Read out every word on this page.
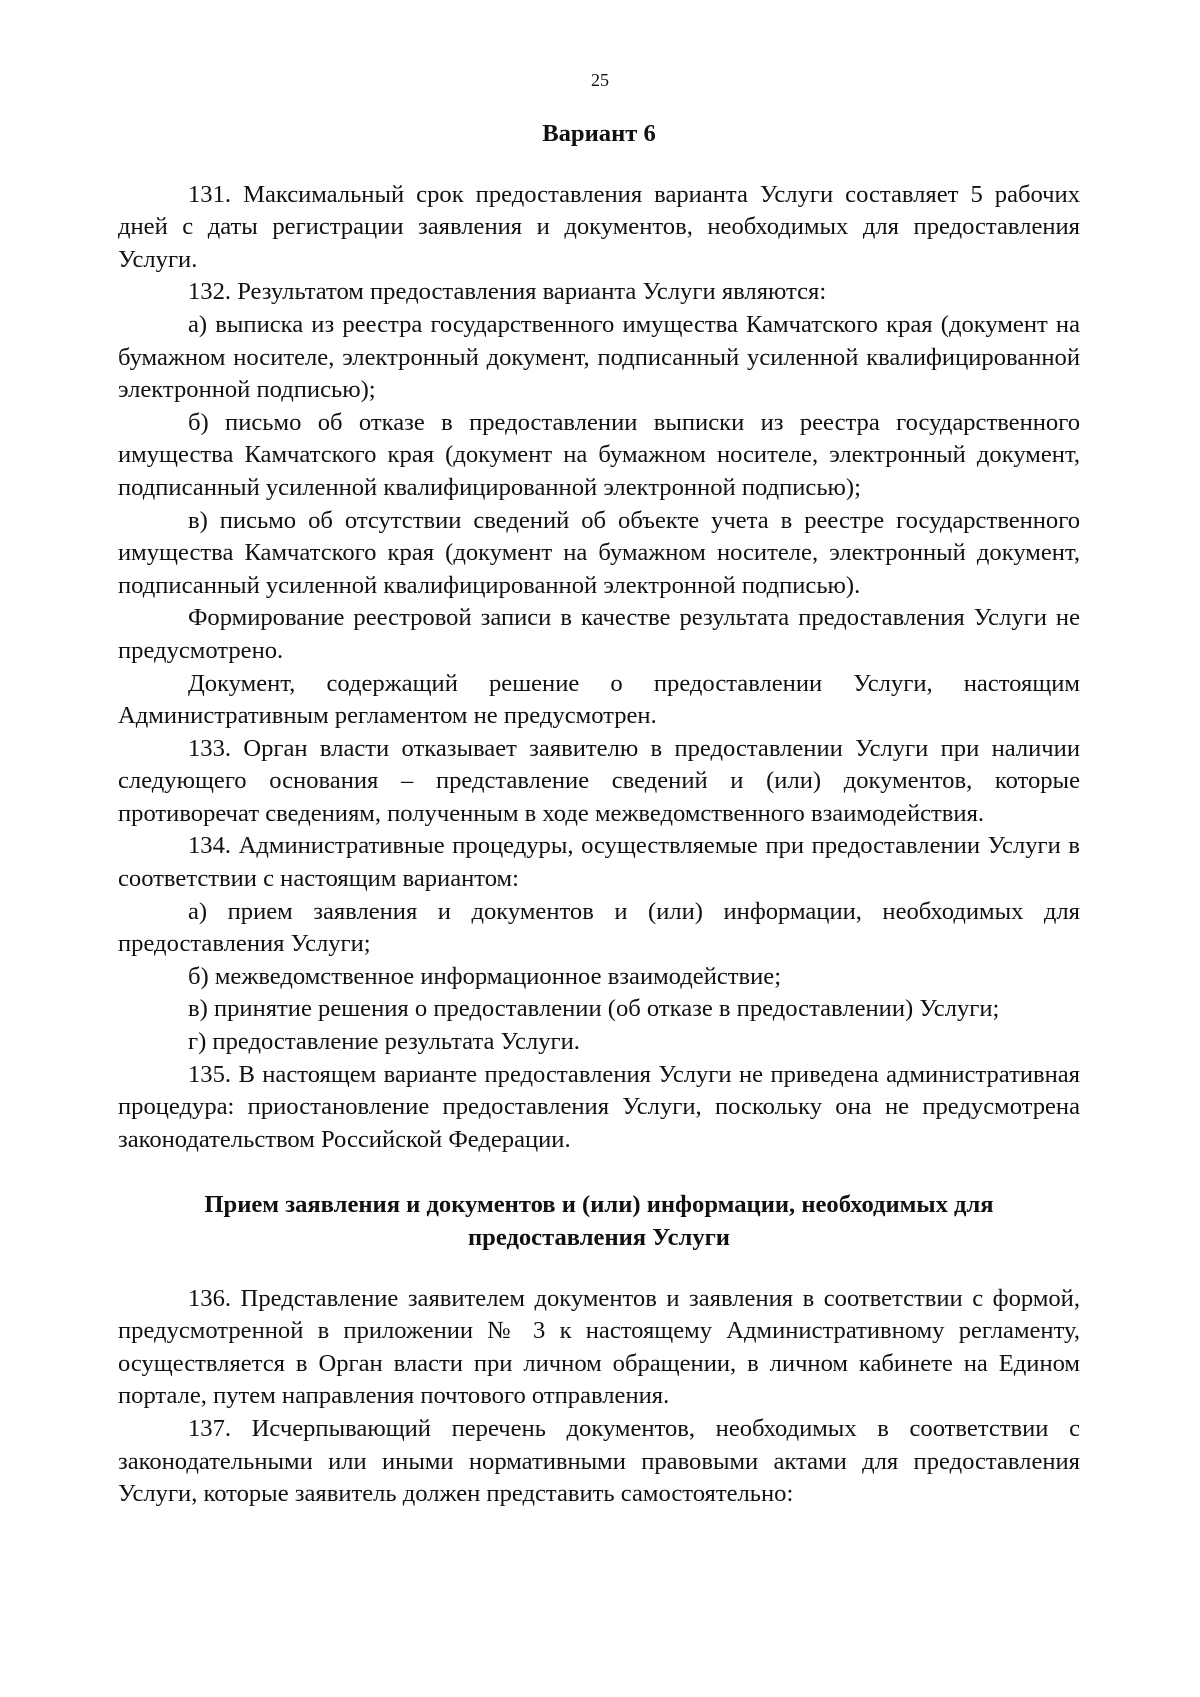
25
Вариант 6

131. Максимальный срок предоставления варианта Услуги составляет 5 рабочих дней с даты регистрации заявления и документов, необходимых для предоставления Услуги.

132. Результатом предоставления варианта Услуги являются:

а) выписка из реестра государственного имущества Камчатского края (документ на бумажном носителе, электронный документ, подписанный усиленной квалифицированной электронной подписью);

б) письмо об отказе в предоставлении выписки из реестра государственного имущества Камчатского края (документ на бумажном носителе, электронный документ, подписанный усиленной квалифицированной электронной подписью);

в) письмо об отсутствии сведений об объекте учета в реестре государственного имущества Камчатского края (документ на бумажном носителе, электронный документ, подписанный усиленной квалифицированной электронной подписью).

Формирование реестровой записи в качестве результата предоставления Услуги не предусмотрено.

Документ, содержащий решение о предоставлении Услуги, настоящим Административным регламентом не предусмотрен.

133. Орган власти отказывает заявителю в предоставлении Услуги при наличии следующего основания – представление сведений и (или) документов, которые противоречат сведениям, полученным в ходе межведомственного взаимодействия.

134. Административные процедуры, осуществляемые при предоставлении Услуги в соответствии с настоящим вариантом:

а) прием заявления и документов и (или) информации, необходимых для предоставления Услуги;

б) межведомственное информационное взаимодействие;

в) принятие решения о предоставлении (об отказе в предоставлении) Услуги;

г) предоставление результата Услуги.

135. В настоящем варианте предоставления Услуги не приведена административная процедура: приостановление предоставления Услуги, поскольку она не предусмотрена законодательством Российской Федерации.

Прием заявления и документов и (или) информации, необходимых для предоставления Услуги

136. Представление заявителем документов и заявления в соответствии с формой, предусмотренной в приложении № 3 к настоящему Административному регламенту, осуществляется в Орган власти при личном обращении, в личном кабинете на Едином портале, путем направления почтового отправления.

137. Исчерпывающий перечень документов, необходимых в соответствии с законодательными или иными нормативными правовыми актами для предоставления Услуги, которые заявитель должен представить самостоятельно:
